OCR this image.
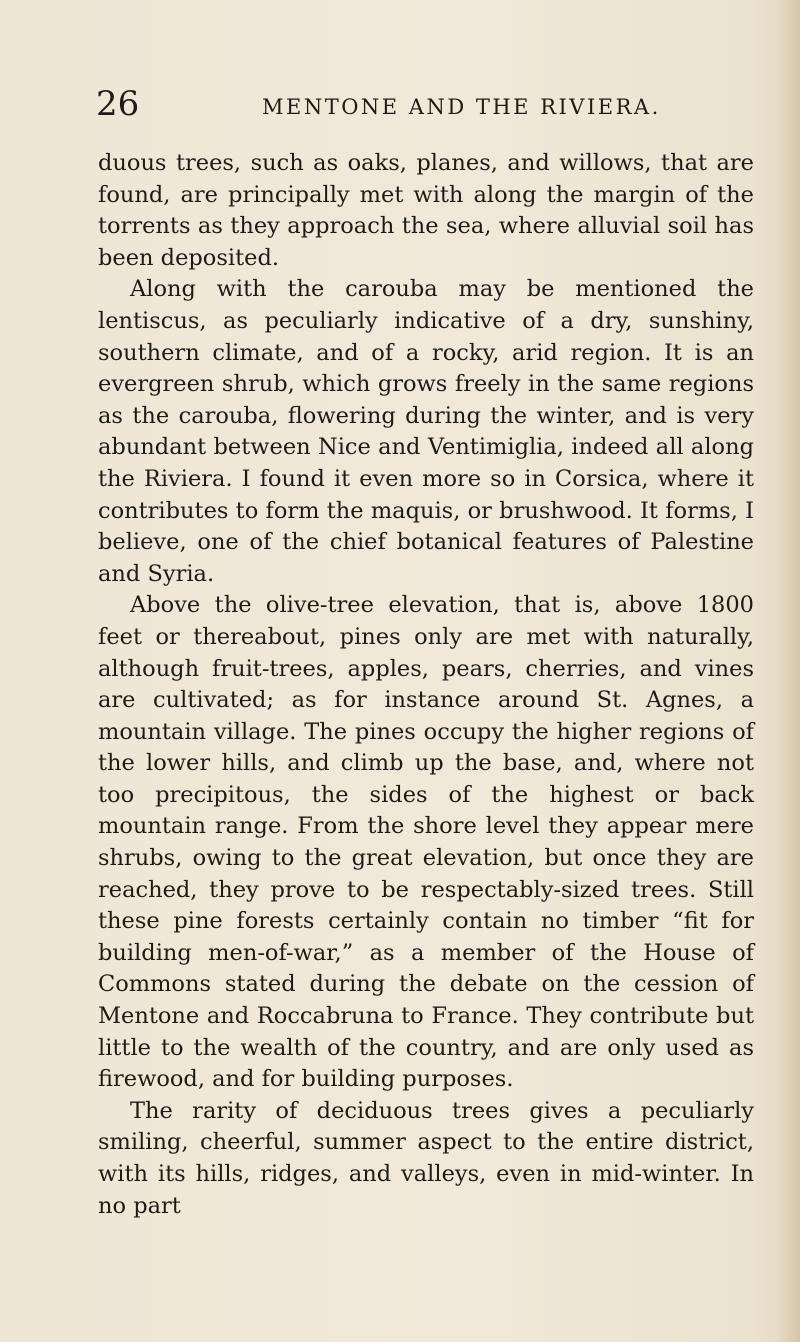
26	MENTONE AND THE RIVIERA.

duous trees, such as oaks, planes, and willows, that are found, are principally met with along the margin of the torrents as they approach the sea, where alluvial soil has been deposited.

Along with the carouba may be mentioned the lentiscus, as peculiarly indicative of a dry, sunshiny, southern climate, and of a rocky, arid region. It is an evergreen shrub, which grows freely in the same regions as the carouba, flowering during the winter, and is very abundant between Nice and Ventimiglia, indeed all along the Riviera. I found it even more so in Corsica, where it contributes to form the maquis, or brushwood. It forms, I believe, one of the chief botanical features of Palestine and Syria.

Above the olive-tree elevation, that is, above 1800 feet or thereabout, pines only are met with naturally, although fruit-trees, apples, pears, cherries, and vines are cultivated; as for instance around St. Agnes, a mountain village. The pines occupy the higher regions of the lower hills, and climb up the base, and, where not too precipitous, the sides of the highest or back mountain range. From the shore level they appear mere shrubs, owing to the great elevation, but once they are reached, they prove to be respectably-sized trees. Still these pine forests certainly contain no timber “fit for building men-of-war,” as a member of the House of Commons stated during the debate on the cession of Mentone and Roccabruna to France. They contribute but little to the wealth of the country, and are only used as firewood, and for building purposes.

The rarity of deciduous trees gives a peculiarly smiling, cheerful, summer aspect to the entire district, with its hills, ridges, and valleys, even in mid-winter. In no part
